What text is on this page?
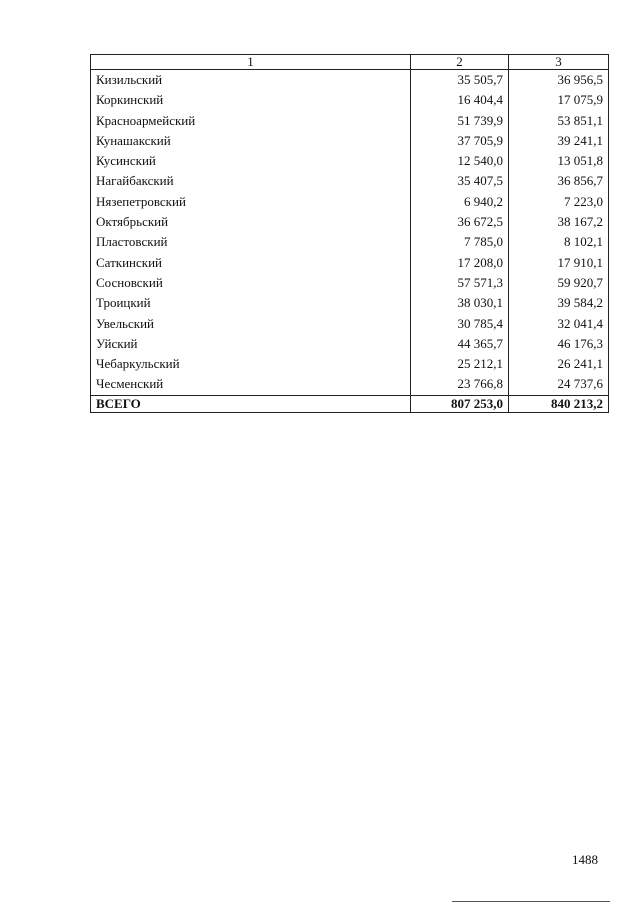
1	2	3
Кизильский	35 505,7	36 956,5
Коркинский	16 404,4	17 075,9
Красноармейский	51 739,9	53 851,1
Кунашакский	37 705,9	39 241,1
Кусинский	12 540,0	13 051,8
Нагайбакский	35 407,5	36 856,7
Нязепетровский	6 940,2	7 223,0
Октябрьский	36 672,5	38 167,2
Пластовский	7 785,0	8 102,1
Саткинский	17 208,0	17 910,1
Сосновский	57 571,3	59 920,7
Троицкий	38 030,1	39 584,2
Увельский	30 785,4	32 041,4
Уйский	44 365,7	46 176,3
Чебаркульский	25 212,1	26 241,1
Чесменский	23 766,8	24 737,6
ВСЕГО	807 253,0	840 213,2
1488
